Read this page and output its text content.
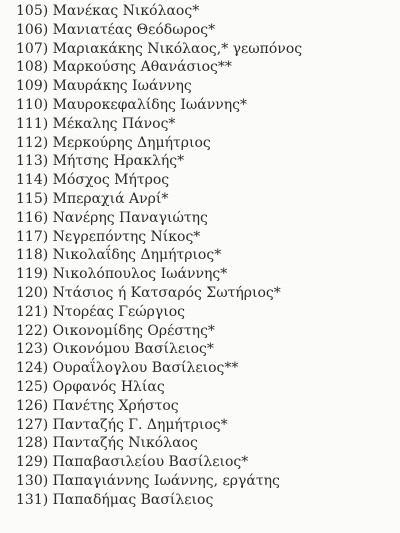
105) Μανέκας Νικόλαος*
106) Μανιατέας Θεόδωρος*
107) Μαριακάκης Νικόλαος,* γεωπόνος
108) Μαρκούσης Αθανάσιος**
109) Μαυράκης Ιωάννης
110) Μαυροκεφαλίδης Ιωάννης*
111) Μέκαλης Πάνος*
112) Μερκούρης Δημήτριος
113) Μήτσης Ηρακλής*
114) Μόσχος Μήτρος
115) Μπεραχιά Ανρί*
116) Νανέρης Παναγιώτης
117) Νεγρεπόντης Νίκος*
118) Νικολαΐδης Δημήτριος*
119) Νικολόπουλος Ιωάννης*
120) Ντάσιος ή Κατσαρός Σωτήριος*
121) Ντορέας Γεώργιος
122) Οικονομίδης Ορέστης*
123) Οικονόμου Βασίλειος*
124) Ουραΐλογλου Βασίλειος**
125) Ορφανός Ηλίας
126) Πανέτης Χρήστος
127) Πανταζής Γ. Δημήτριος*
128) Πανταζής Νικόλαος
129) Παπαβασιλείου Βασίλειος*
130) Παπαγιάννης Ιωάννης, εργάτης
131) Παπαδήμας Βασίλειος
